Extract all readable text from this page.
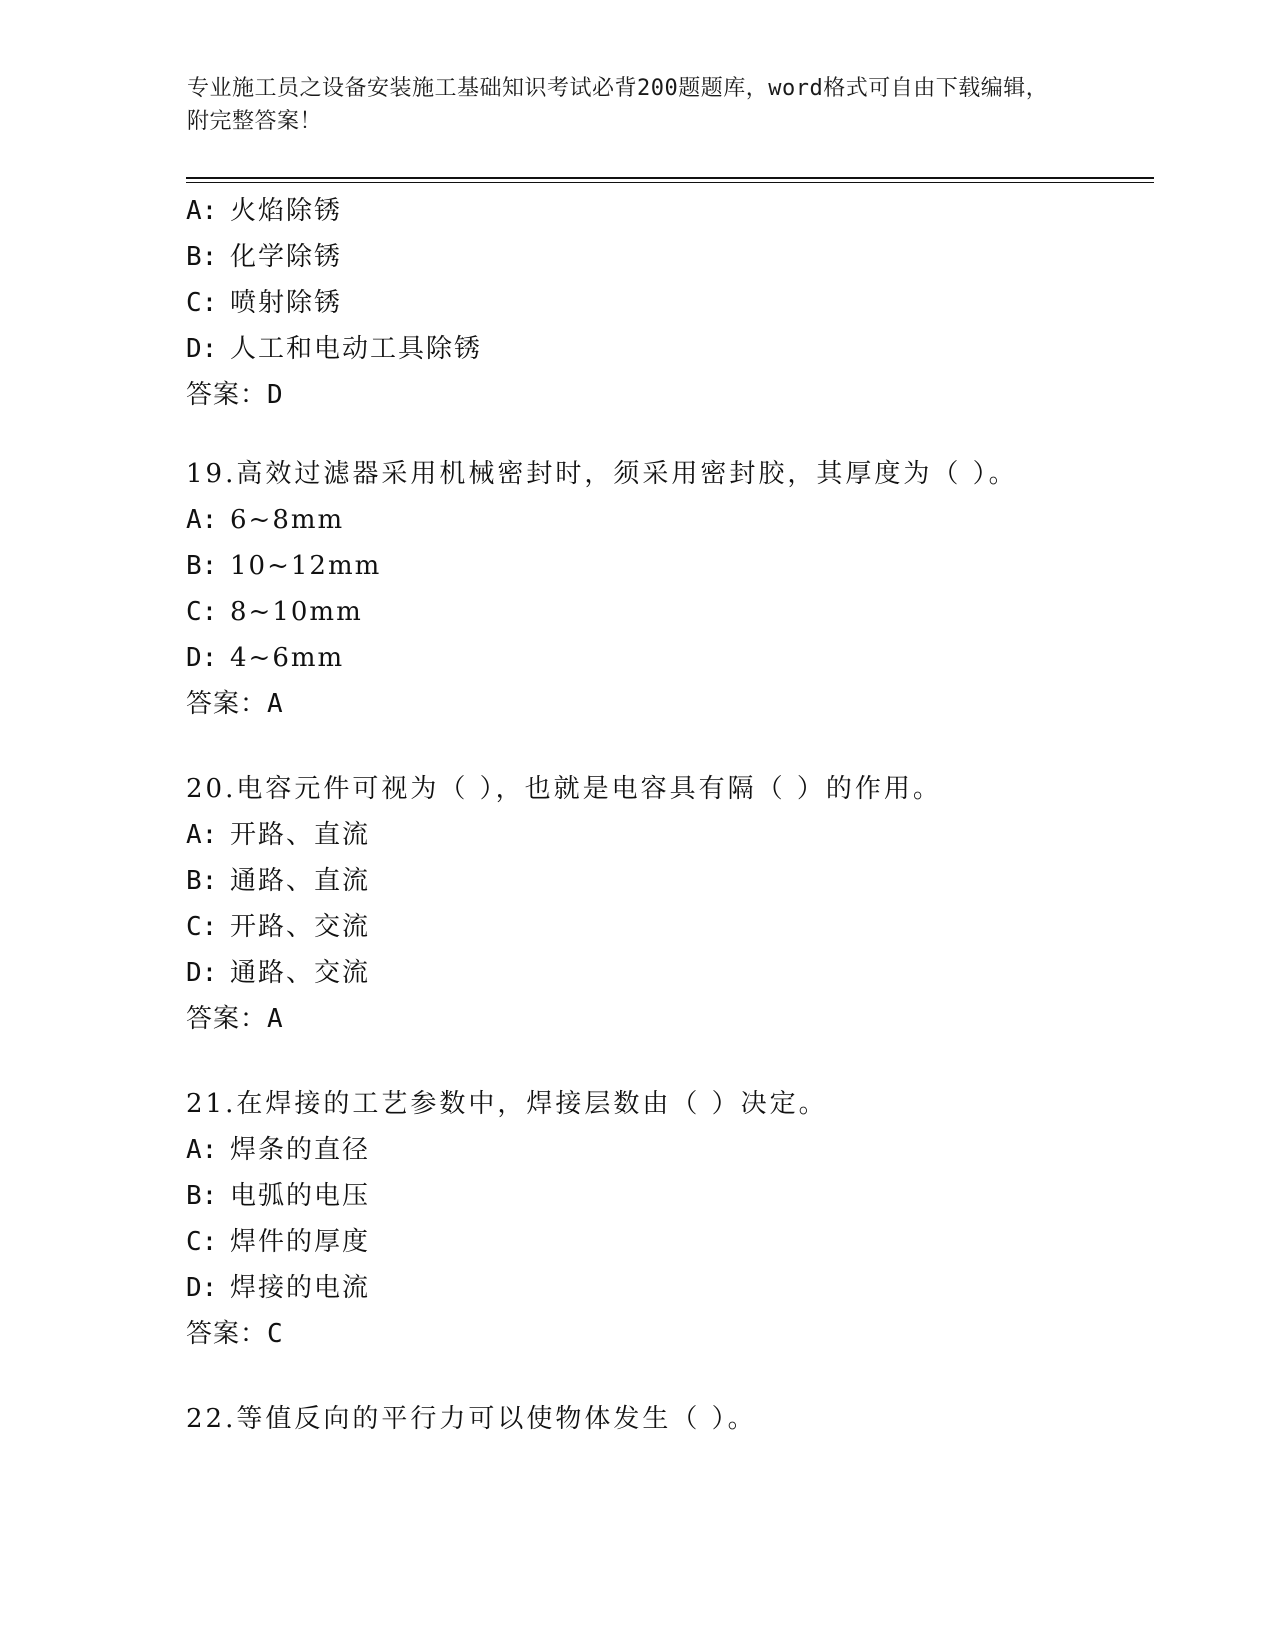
专业施工员之设备安装施工基础知识考试必背200题题库，word格式可自由下载编辑，附完整答案！
A: 火焰除锈
B: 化学除锈
C: 喷射除锈
D: 人工和电动工具除锈
答案：D
19.高效过滤器采用机械密封时，须采用密封胶，其厚度为（ ）。
A: 6~8mm
B: 10~12mm
C: 8~10mm
D: 4~6mm
答案：A
20.电容元件可视为（ ），也就是电容具有隔（ ）的作用。
A: 开路、直流
B: 通路、直流
C: 开路、交流
D: 通路、交流
答案：A
21.在焊接的工艺参数中，焊接层数由（ ）决定。
A: 焊条的直径
B: 电弧的电压
C: 焊件的厚度
D: 焊接的电流
答案：C
22.等值反向的平行力可以使物体发生（ ）。
